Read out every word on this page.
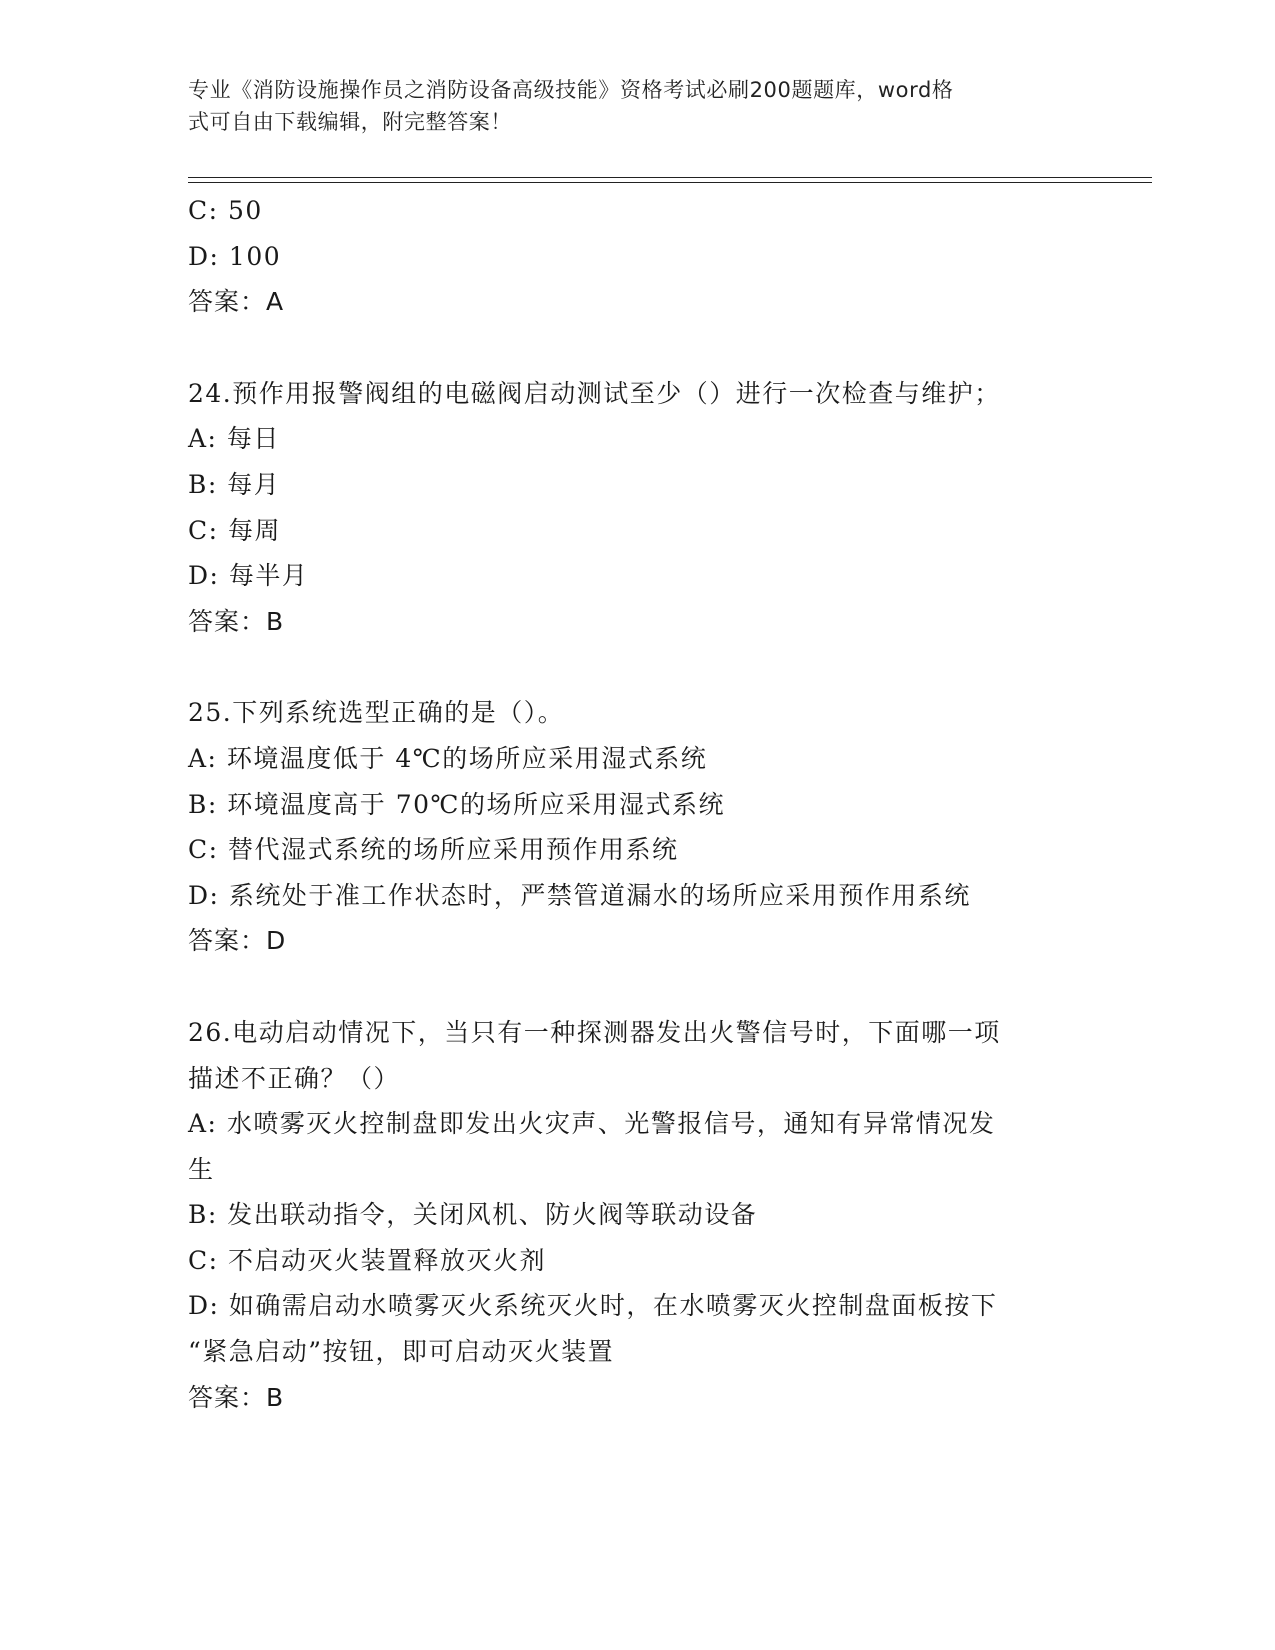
专业《消防设施操作员之消防设备高级技能》资格考试必刷200题题库，word格
式可自由下载编辑，附完整答案！
C: 50
D: 100
答案：A
24.预作用报警阀组的电磁阀启动测试至少（）进行一次检查与维护；
A: 每日
B: 每月
C: 每周
D: 每半月
答案：B
25.下列系统选型正确的是（）。
A: 环境温度低于 4℃的场所应采用湿式系统
B: 环境温度高于 70℃的场所应采用湿式系统
C: 替代湿式系统的场所应采用预作用系统
D: 系统处于准工作状态时，严禁管道漏水的场所应采用预作用系统
答案：D
26.电动启动情况下，当只有一种探测器发出火警信号时，下面哪一项
描述不正确？（）
A: 水喷雾灭火控制盘即发出火灾声、光警报信号，通知有异常情况发
生
B: 发出联动指令，关闭风机、防火阀等联动设备
C: 不启动灭火装置释放灭火剂
D: 如确需启动水喷雾灭火系统灭火时，在水喷雾灭火控制盘面板按下
“紧急启动”按钮，即可启动灭火装置
答案：B
